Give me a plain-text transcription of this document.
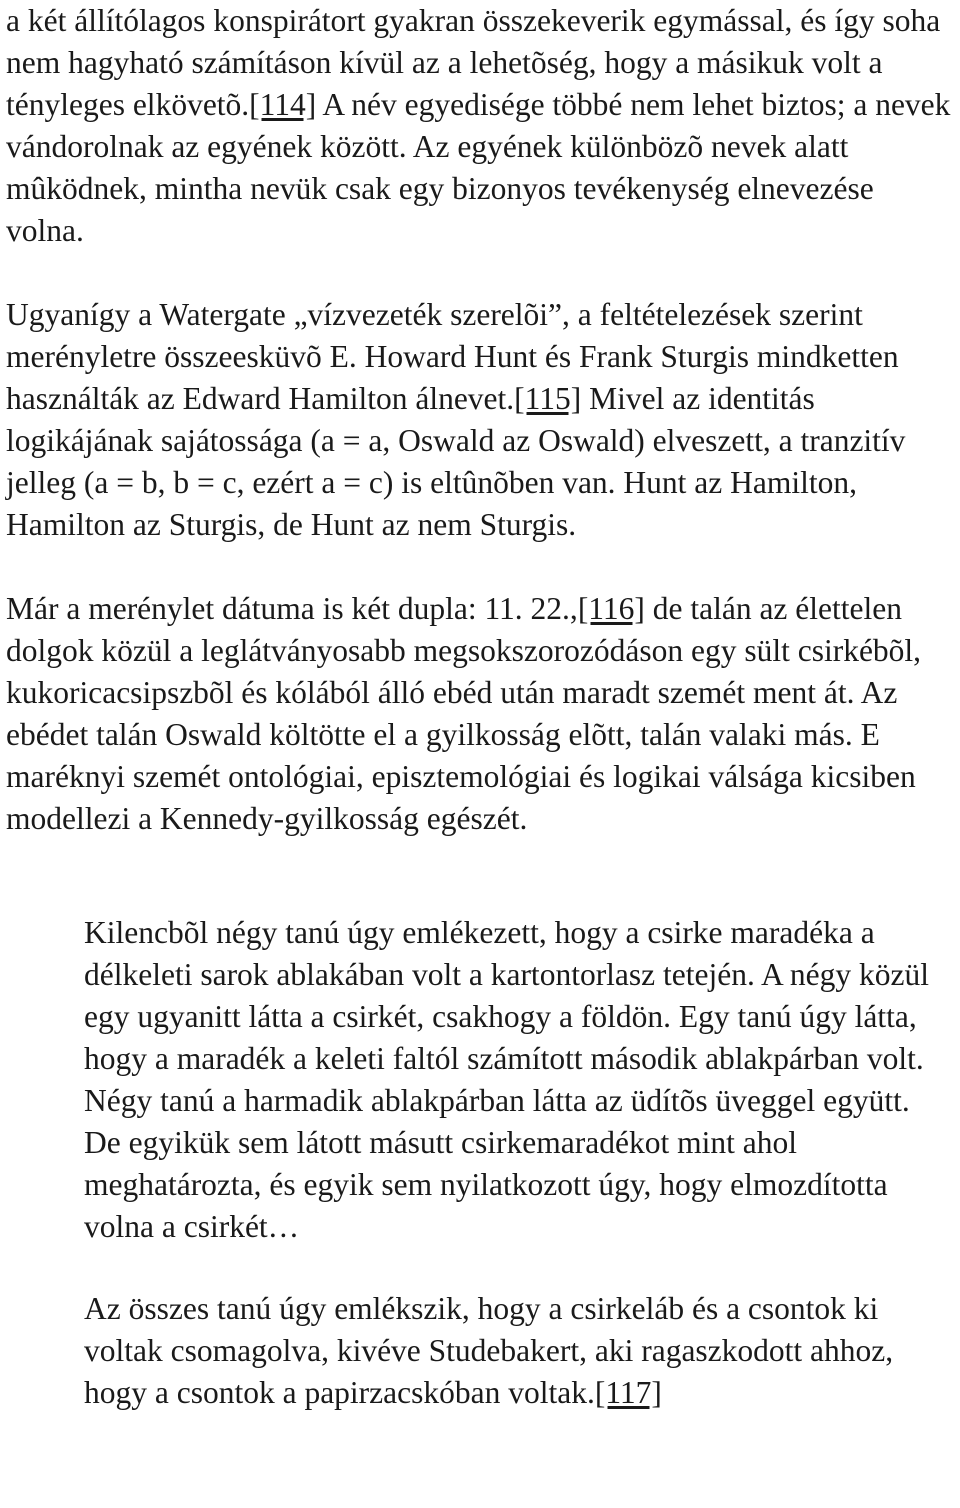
a két állítólagos konspirátort gyakran összekeverik egymással, és így soha nem hagyható számításon kívül az a lehetõség, hogy a másikuk volt a tényleges elkövetõ.[114] A név egyedisége többé nem lehet biztos; a nevek vándorolnak az egyének között. Az egyének különbözõ nevek alatt mûködnek, mintha nevük csak egy bizonyos tevékenység elnevezése volna.

Ugyanígy a Watergate „vízvezeték szerelõi”, a feltételezések szerint merényletre összeesküvõ E. Howard Hunt és Frank Sturgis mindketten használták az Edward Hamilton álnevet.[115] Mivel az identitás logikájának sajátossága (a = a, Oswald az Oswald) elveszett, a tranzitív jelleg (a = b, b = c, ezért a = c) is eltûnõben van. Hunt az Hamilton, Hamilton az Sturgis, de Hunt az nem Sturgis.

Már a merénylet dátuma is két dupla: 11. 22.,[116] de talán az élettelen dolgok közül a leglátványosabb megsokszorozódáson egy sült csirkébõl, kukoricacsipszbõl és kólából álló ebéd után maradt szemét ment át. Az ebédet talán Oswald költötte el a gyilkosság elõtt, talán valaki más. E maréknyi szemét ontológiai, episztemológiai és logikai válsága kicsiben modellezi a Kennedy-gyilkosság egészét.

Kilencbõl négy tanú úgy emlékezett, hogy a csirke maradéka a délkeleti sarok ablakában volt a kartontorlasz tetején. A négy közül egy ugyanitt látta a csirkét, csakhogy a földön. Egy tanú úgy látta, hogy a maradék a keleti faltól számított második ablakpárban volt. Négy tanú a harmadik ablakpárban látta az üdítõs üveggel együtt. De egyikük sem látott másutt csirkemaradékot mint ahol meghatározta, és egyik sem nyilatkozott úgy, hogy elmozdította volna a csirkét…

Az összes tanú úgy emlékszik, hogy a csirkeláb és a csontok ki voltak csomagolva, kivéve Studebakert, aki ragaszkodott ahhoz, hogy a csontok a papirzacskóban voltak.[117]
